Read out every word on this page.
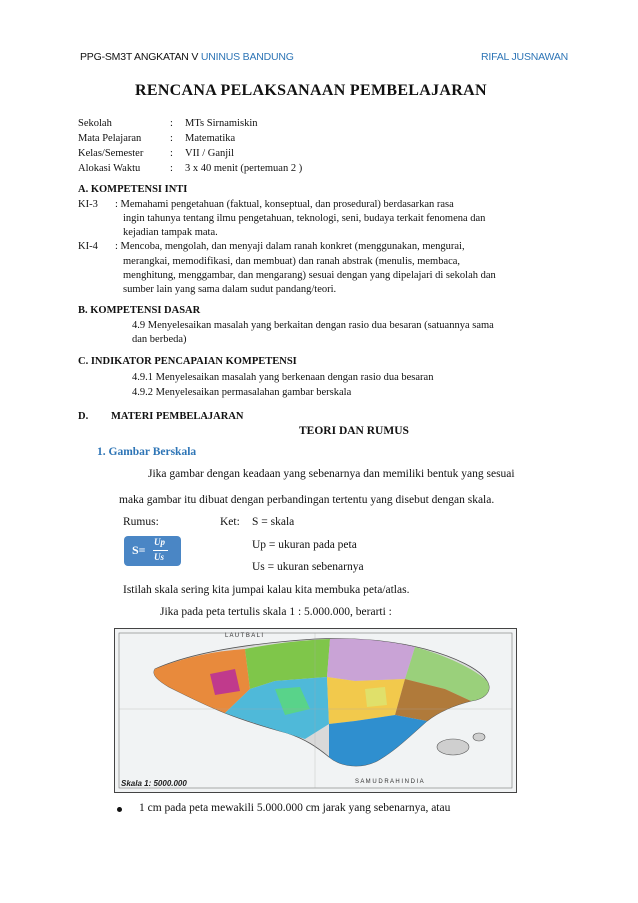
PPG-SM3T ANGKATAN V UNINUS BANDUNG	RIFAL JUSNAWAN
RENCANA PELAKSANAAN PEMBELAJARAN
Sekolah	: MTs Sirnamiskin
Mata Pelajaran	: Matematika
Kelas/Semester	: VII / Ganjil
Alokasi Waktu	: 3 x 40 menit (pertemuan 2 )
A. KOMPETENSI INTI
KI-3 : Memahami pengetahuan (faktual, konseptual, dan prosedural) berdasarkan rasa
ingin tahunya tentang ilmu pengetahuan, teknologi, seni, budaya terkait fenomena dan
kejadian tampak mata.
KI-4 : Mencoba, mengolah, dan menyaji dalam ranah konkret (menggunakan, mengurai,
merangkai, memodifikasi, dan membuat) dan ranah abstrak (menulis, membaca,
menghitung, menggambar, dan mengarang) sesuai dengan yang dipelajari di sekolah dan
sumber lain yang sama dalam sudut pandang/teori.
B. KOMPETENSI DASAR
4.9 Menyelesaikan masalah yang berkaitan dengan rasio dua besaran (satuannya sama
dan berbeda)
C. INDIKATOR PENCAPAIAN KOMPETENSI
4.9.1 Menyelesaikan masalah yang berkenaan dengan rasio dua besaran
4.9.2 Menyelesaikan permasalahan gambar berskala
D. MATERI PEMBELAJARAN
TEORI DAN RUMUS
1. Gambar Berskala
Jika gambar dengan keadaan yang sebenarnya dan memiliki bentuk yang sesuai
maka gambar itu dibuat dengan perbandingan tertentu yang disebut dengan skala.
Rumus:	Ket: S = skala
Up = ukuran pada peta
Us = ukuran sebenarnya
S=
Up
Us
Istilah skala sering kita jumpai kalau kita membuka peta/atlas.
Jika pada peta tertulis skala 1 : 5.000.000, berarti :
L A U T B A L I
S A M U D R A H I N D I A
Skala 1: 5000.000
1 cm pada peta mewakili 5.000.000 cm jarak yang sebenarnya, atau
